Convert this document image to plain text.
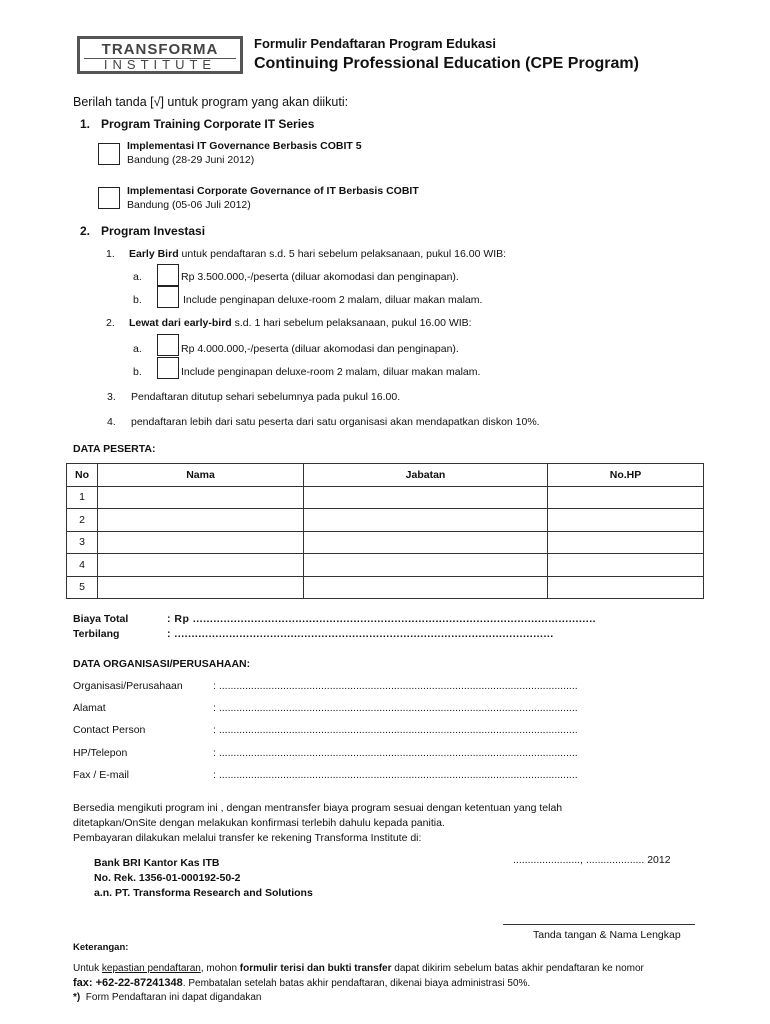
TRANSFORMA
INSTITUTE
Formulir Pendaftaran Program Edukasi
Continuing Professional Education (CPE Program)
Berilah tanda [√] untuk program yang akan diikuti:
1. Program Training Corporate IT Series
Implementasi IT Governance Berbasis COBIT 5
Bandung (28-29 Juni 2012)
Implementasi Corporate Governance of IT Berbasis COBIT
Bandung (05-06 Juli 2012)
2. Program Investasi
1. Early Bird untuk pendaftaran s.d. 5 hari sebelum pelaksanaan, pukul 16.00 WIB:
a.	Rp 3.500.000,-/peserta (diluar akomodasi dan penginapan).
b.	Include penginapan deluxe-room 2 malam, diluar makan malam.
2. Lewat dari early-bird s.d. 1 hari sebelum pelaksanaan, pukul 16.00 WIB:
a.	Rp 4.000.000,-/peserta (diluar akomodasi dan penginapan).
b.	Include penginapan deluxe-room 2 malam, diluar makan malam.
3. Pendaftaran ditutup sehari sebelumnya pada pukul 16.00.
4. pendaftaran lebih dari satu peserta dari satu organisasi akan mendapatkan diskon 10%.
DATA PESERTA:
No	Nama	Jabatan	No.HP
1			
2			
3			
4			
5			
Biaya Total	: Rp ......................................................................................................................
Terbilang	: ...............................................................................................................
DATA ORGANISASI/PERUSAHAAN:
Organisasi/Perusahaan	: ...........................................................................................................................
Alamat	: ...........................................................................................................................
Contact Person	: ...........................................................................................................................
HP/Telepon	: ...........................................................................................................................
Fax / E-mail	: ...........................................................................................................................
Bersedia mengikuti program ini , dengan mentransfer biaya program sesuai dengan ketentuan yang telah
ditetapkan/OnSite dengan melakukan konfirmasi terlebih dahulu kepada panitia.
Pembayaran dilakukan melalui transfer ke rekening Transforma Institute di:
Bank BRI Kantor Kas ITB
No. Rek. 1356-01-000192-50-2
a.n. PT. Transforma Research and Solutions
......................., .................... 2012
Tanda tangan & Nama Lengkap
Keterangan:
Untuk kepastian pendaftaran, mohon formulir terisi dan bukti transfer dapat dikirim sebelum batas akhir pendaftaran ke nomor
fax: +62-22-87241348. Pembatalan setelah batas akhir pendaftaran, dikenai biaya administrasi 50%.
*) Form Pendaftaran ini dapat digandakan
